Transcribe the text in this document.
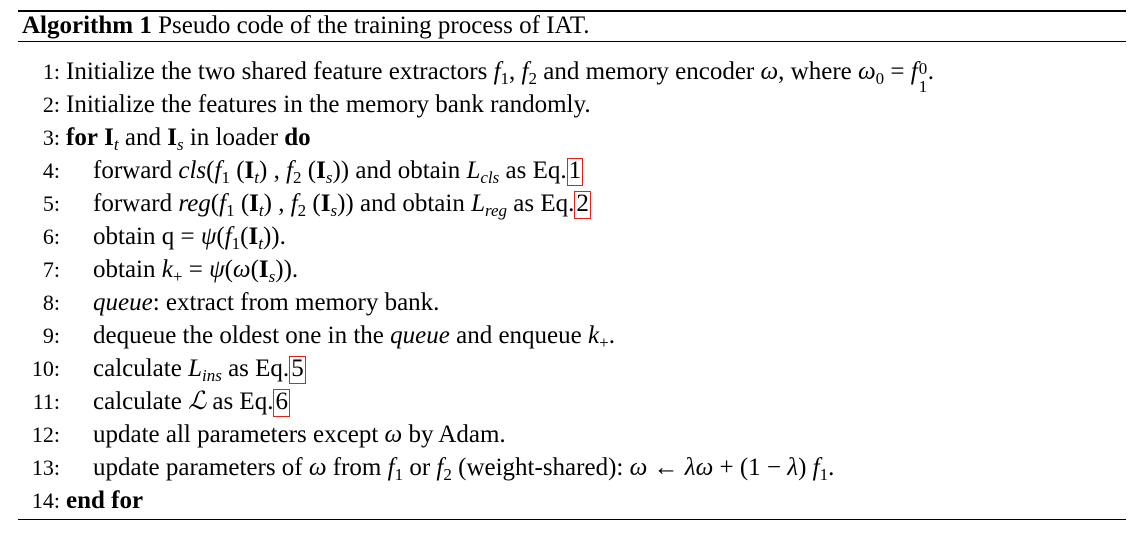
Algorithm 1 Pseudo code of the training process of IAT.
1: Initialize the two shared feature extractors $f_1$, $f_2$ and memory encoder ω, where $\omega_0 = f$ 0
1
.
2: Initialize the features in the memory bank randomly.
3: for $I_t$ and $I_s$ in loader do
4: forward $cls(f_1$ $(I_t)$ , $f_2$ $(I_s)$) and obtain $L_{cls}$ as Eq.1
5: forward $reg(f_1$ $(I_t)$ , $f_2$ $(I_s)$) and obtain $L_{reg}$ as Eq.2
6: obtain $q = \psi(f_1(I_t))$.
7: obtain $k_+ = \psi(\omega(I_s))$.
8: queue: extract from memory bank.
9: dequeue the oldest one in the queue and enqueue $k_+$.
10: calculate $L_{ins}$ as Eq.5
11: calculate ℒ as Eq.6
12: update all parameters except ω by Adam.
13: update parameters of ω from $f_1$ or $f_2$ (weight-shared): ω ← λω + (1 − λ) $f_1$.
14: end for
